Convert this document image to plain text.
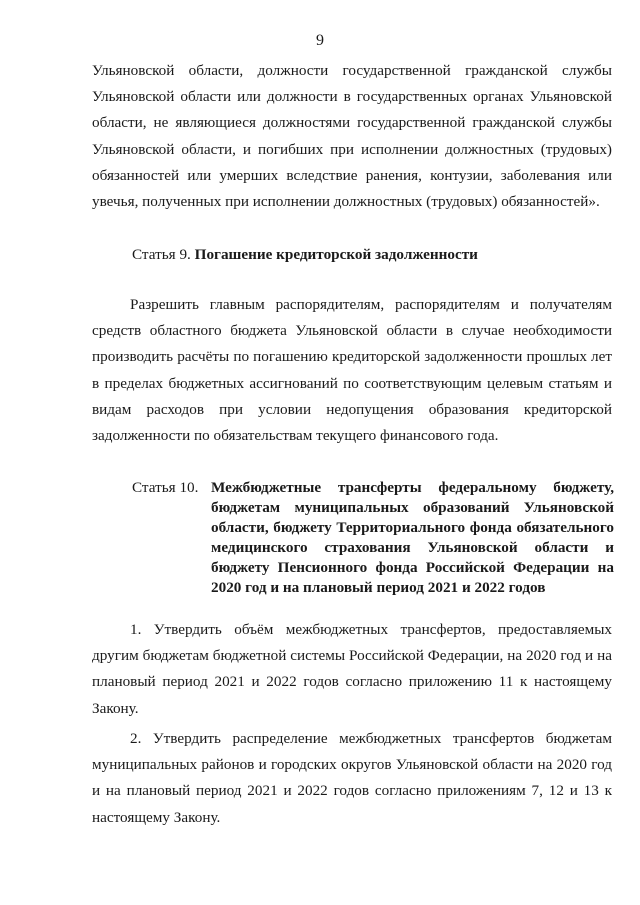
9

Ульяновской области, должности государственной гражданской службы Ульяновской области или должности в государственных органах Ульяновской области, не являющиеся должностями государственной гражданской службы Ульяновской области, и погибших при исполнении должностных (трудовых) обязанностей или умерших вследствие ранения, контузии, заболевания или увечья, полученных при исполнении должностных (трудовых) обязанностей».

Статья 9. Погашение кредиторской задолженности

Разрешить главным распорядителям, распорядителям и получателям средств областного бюджета Ульяновской области в случае необходимости производить расчёты по погашению кредиторской задолженности прошлых лет в пределах бюджетных ассигнований по соответствующим целевым статьям и видам расходов при условии недопущения образования кредиторской задолженности по обязательствам текущего финансового года.

Статья 10. Межбюджетные трансферты федеральному бюджету, бюджетам муниципальных образований Ульяновской области, бюджету Территориального фонда обязательного медицинского страхования Ульяновской области и бюджету Пенсионного фонда Российской Федерации на 2020 год и на плановый период 2021 и 2022 годов

1. Утвердить объём межбюджетных трансфертов, предоставляемых другим бюджетам бюджетной системы Российской Федерации, на 2020 год и на плановый период 2021 и 2022 годов согласно приложению 11 к настоящему Закону.

2. Утвердить распределение межбюджетных трансфертов бюджетам муниципальных районов и городских округов Ульяновской области на 2020 год и на плановый период 2021 и 2022 годов согласно приложениям 7, 12 и 13 к настоящему Закону.
